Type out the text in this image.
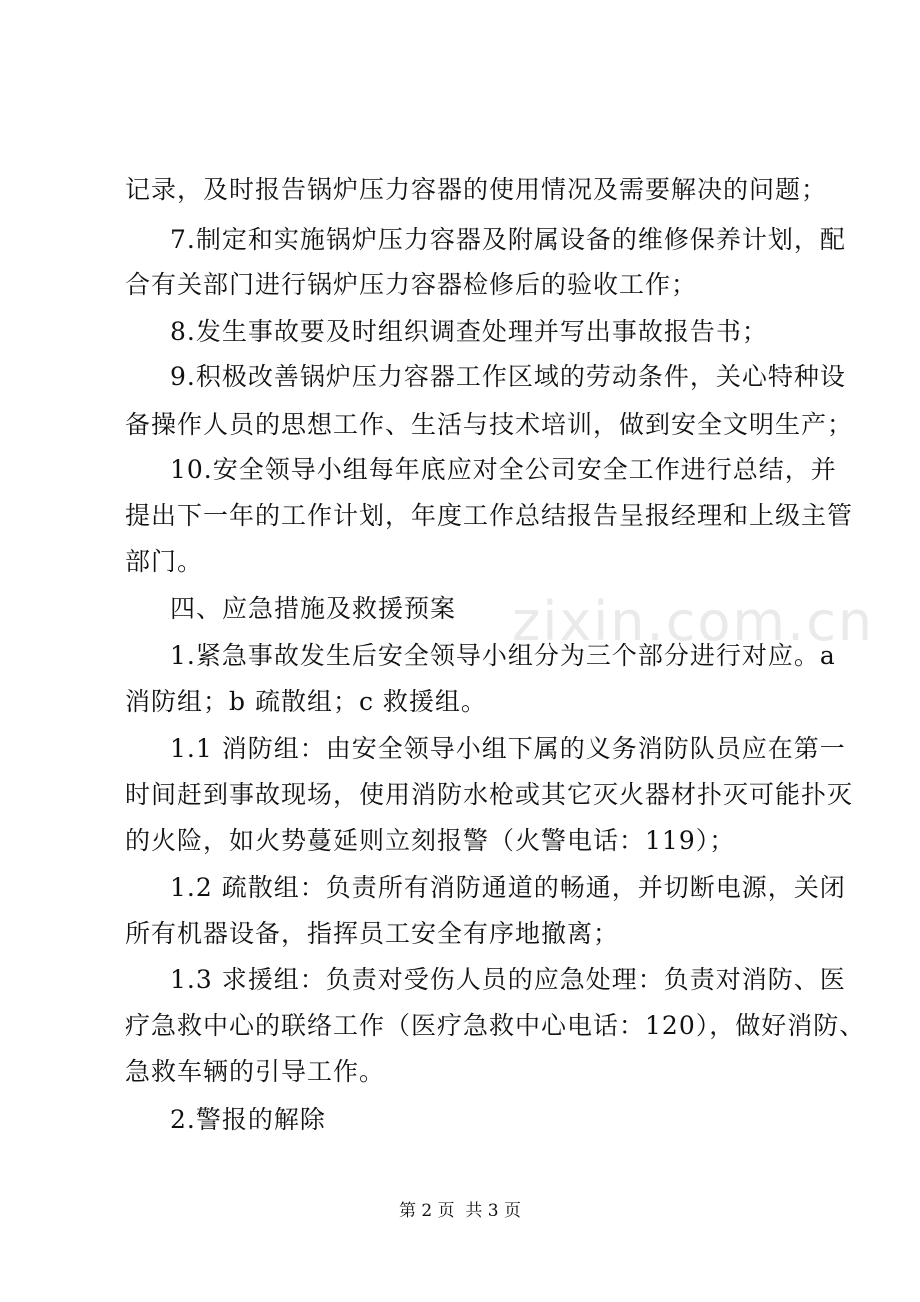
记录，及时报告锅炉压力容器的使用情况及需要解决的问题；
7.制定和实施锅炉压力容器及附属设备的维修保养计划，配
合有关部门进行锅炉压力容器检修后的验收工作；
8.发生事故要及时组织调查处理并写出事故报告书；
9.积极改善锅炉压力容器工作区域的劳动条件，关心特种设
备操作人员的思想工作、生活与技术培训，做到安全文明生产；
10.安全领导小组每年底应对全公司安全工作进行总结，并
提出下一年的工作计划，年度工作总结报告呈报经理和上级主管
部门。
四、应急措施及救援预案
1.紧急事故发生后安全领导小组分为三个部分进行对应。a
消防组；b 疏散组；c 救援组。
1.1 消防组：由安全领导小组下属的义务消防队员应在第一
时间赶到事故现场，使用消防水枪或其它灭火器材扑灭可能扑灭
的火险，如火势蔓延则立刻报警（火警电话：119）；
1.2 疏散组：负责所有消防通道的畅通，并切断电源，关闭
所有机器设备，指挥员工安全有序地撤离；
1.3 求援组：负责对受伤人员的应急处理：负责对消防、医
疗急救中心的联络工作（医疗急救中心电话：120），做好消防、
急救车辆的引导工作。
2.警报的解除
zixin.com.cn
第 2 页  共 3 页
